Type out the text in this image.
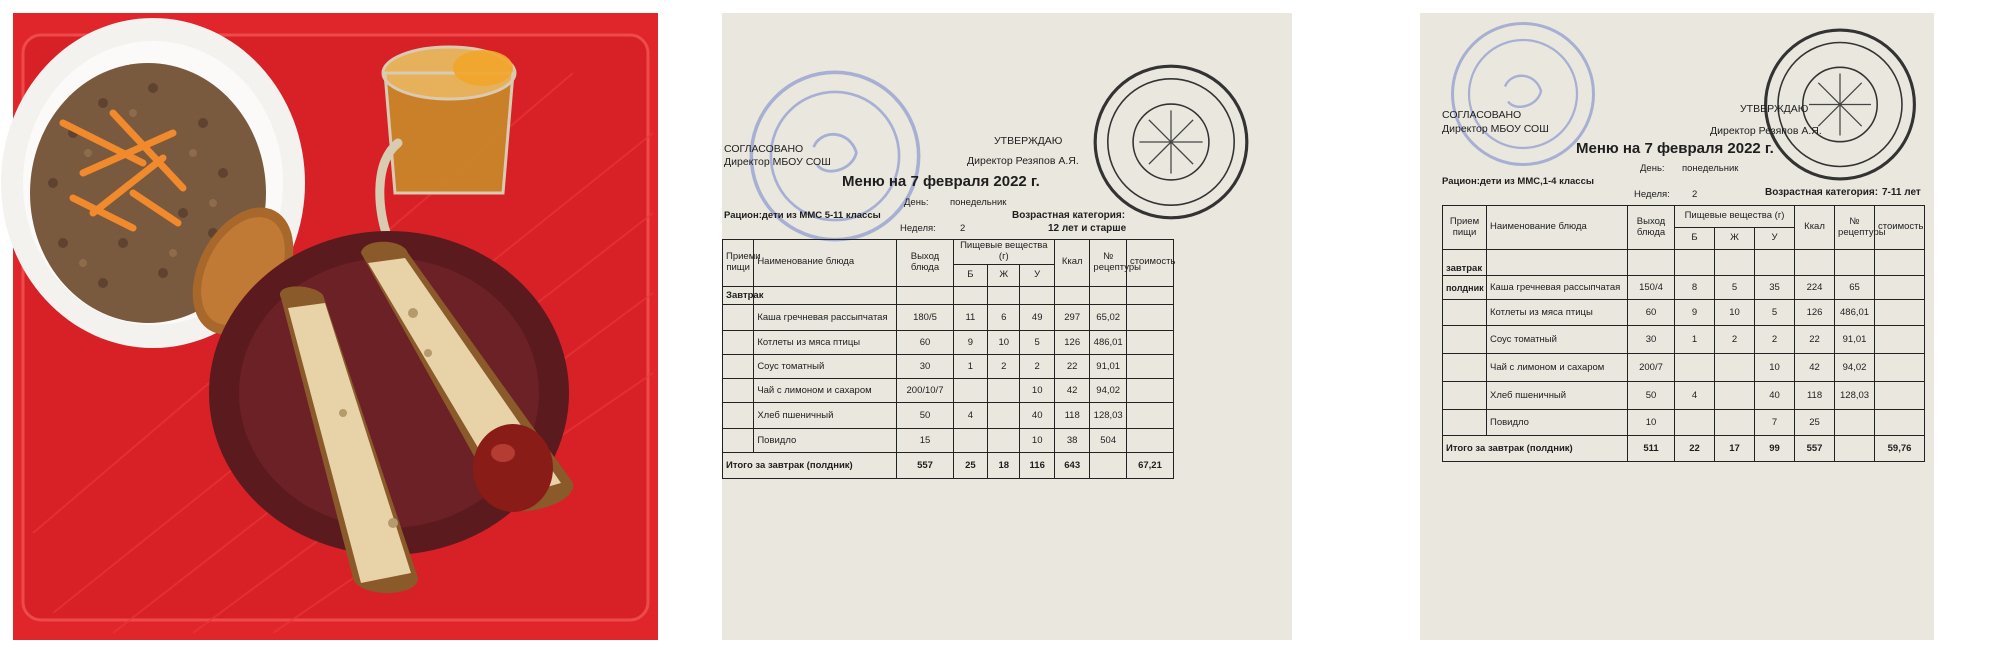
СОГЛАСОВАНО
Директор МБОУ СОШ
УТВЕРЖДАЮ
Директор Резяпов А.Я.
Меню на 7 февраля 2022 г.
День: понедельник
Рацион:дети из ММС 5-11 классы	Возрастная категория:
Неделя:	2	12 лет и старше
Приеми пищи	Наименование блюда	Выход блюда	Пищевые вещества (г)			Ккал	№ рецептуры	стоимость
			Б	Ж	У			
Завтрак								
	Каша гречневая рассыпчатая	180/5	11	6	49	297	65,02	
	Котлеты из мяса птицы	60	9	10	5	126	486,01	
	Соус томатный	30	1	2	2	22	91,01	
	Чай с лимоном и сахаром	200/10/7			10	42	94,02	
	Хлеб пшеничный	50	4		40	118	128,03	
	Повидло	15			10	38	504	
Итого за завтрак (полдник)		557	25	18	116	643		67,21
СОГЛАСОВАНО
Директор МБОУ СОШ
УТВЕРЖДАЮ
Директор Резяпов А.Я.
Меню на 7 февраля 2022 г.
День: понедельник
Рацион:дети из ММС,1-4 классы
Неделя: 2	Возрастная категория: 7-11 лет
Прием пищи	Наименование блюда	Выход блюда	Пищевые вещества (г)			Ккал	№ рецептуры	стоимость
			Б	Ж	У			
завтрак								
полдник	Каша гречневая рассыпчатая	150/4	8	5	35	224	65	
	Котлеты из мяса птицы	60	9	10	5	126	486,01	
	Соус томатный	30	1	2	2	22	91,01	
	Чай с лимоном и сахаром	200/7			10	42	94,02	
	Хлеб пшеничный	50	4		40	118	128,03	
	Повидло	10			7	25		
Итого за завтрак (полдник)		511	22	17	99	557		59,76
